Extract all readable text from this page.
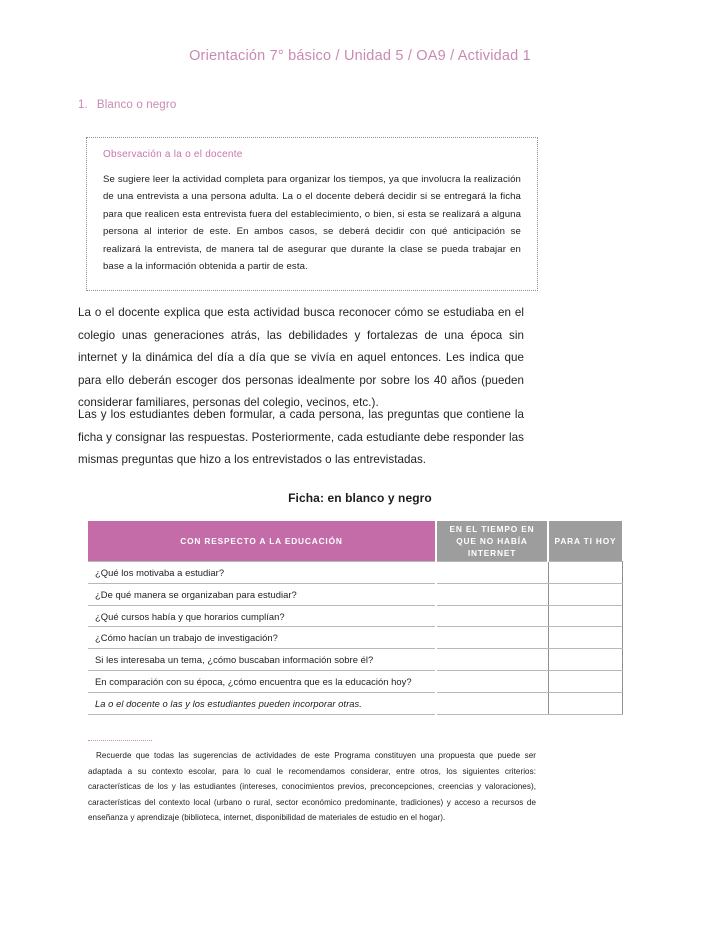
Orientación 7° básico / Unidad 5 / OA9 / Actividad 1
1. Blanco o negro
Observación a la o el docente
Se sugiere leer la actividad completa para organizar los tiempos, ya que involucra la realización de una entrevista a una persona adulta. La o el docente deberá decidir si se entregará la ficha para que realicen esta entrevista fuera del establecimiento, o bien, si esta se realizará a alguna persona al interior de este. En ambos casos, se deberá decidir con qué anticipación se realizará la entrevista, de manera tal de asegurar que durante la clase se pueda trabajar en base a la información obtenida a partir de esta.
La o el docente explica que esta actividad busca reconocer cómo se estudiaba en el colegio unas generaciones atrás, las debilidades y fortalezas de una época sin internet y la dinámica del día a día que se vivía en aquel entonces. Les indica que para ello deberán escoger dos personas idealmente por sobre los 40 años (pueden considerar familiares, personas del colegio, vecinos, etc.).
Las y los estudiantes deben formular, a cada persona, las preguntas que contiene la ficha y consignar las respuestas. Posteriormente, cada estudiante debe responder las mismas preguntas que hizo a los entrevistados o las entrevistadas.
Ficha: en blanco y negro
CON RESPECTO A LA EDUCACIÓN	EN EL TIEMPO EN QUE NO HABÍA INTERNET	PARA TI HOY
¿Qué los motivaba a estudiar?		
¿De qué manera se organizaban para estudiar?		
¿Qué cursos había y que horarios cumplían?		
¿Cómo hacían un trabajo de investigación?		
Si les interesaba un tema, ¿cómo buscaban información sobre él?		
En comparación con su época, ¿cómo encuentra que es la educación hoy?		
La o el docente o las y los estudiantes pueden incorporar otras.		
Recuerde que todas las sugerencias de actividades de este Programa constituyen una propuesta que puede ser adaptada a su contexto escolar, para lo cual le recomendamos considerar, entre otros, los siguientes criterios: características de los y las estudiantes (intereses, conocimientos previos, preconcepciones, creencias y valoraciones), características del contexto local (urbano o rural, sector económico predominante, tradiciones) y acceso a recursos de enseñanza y aprendizaje (biblioteca, internet, disponibilidad de materiales de estudio en el hogar).
